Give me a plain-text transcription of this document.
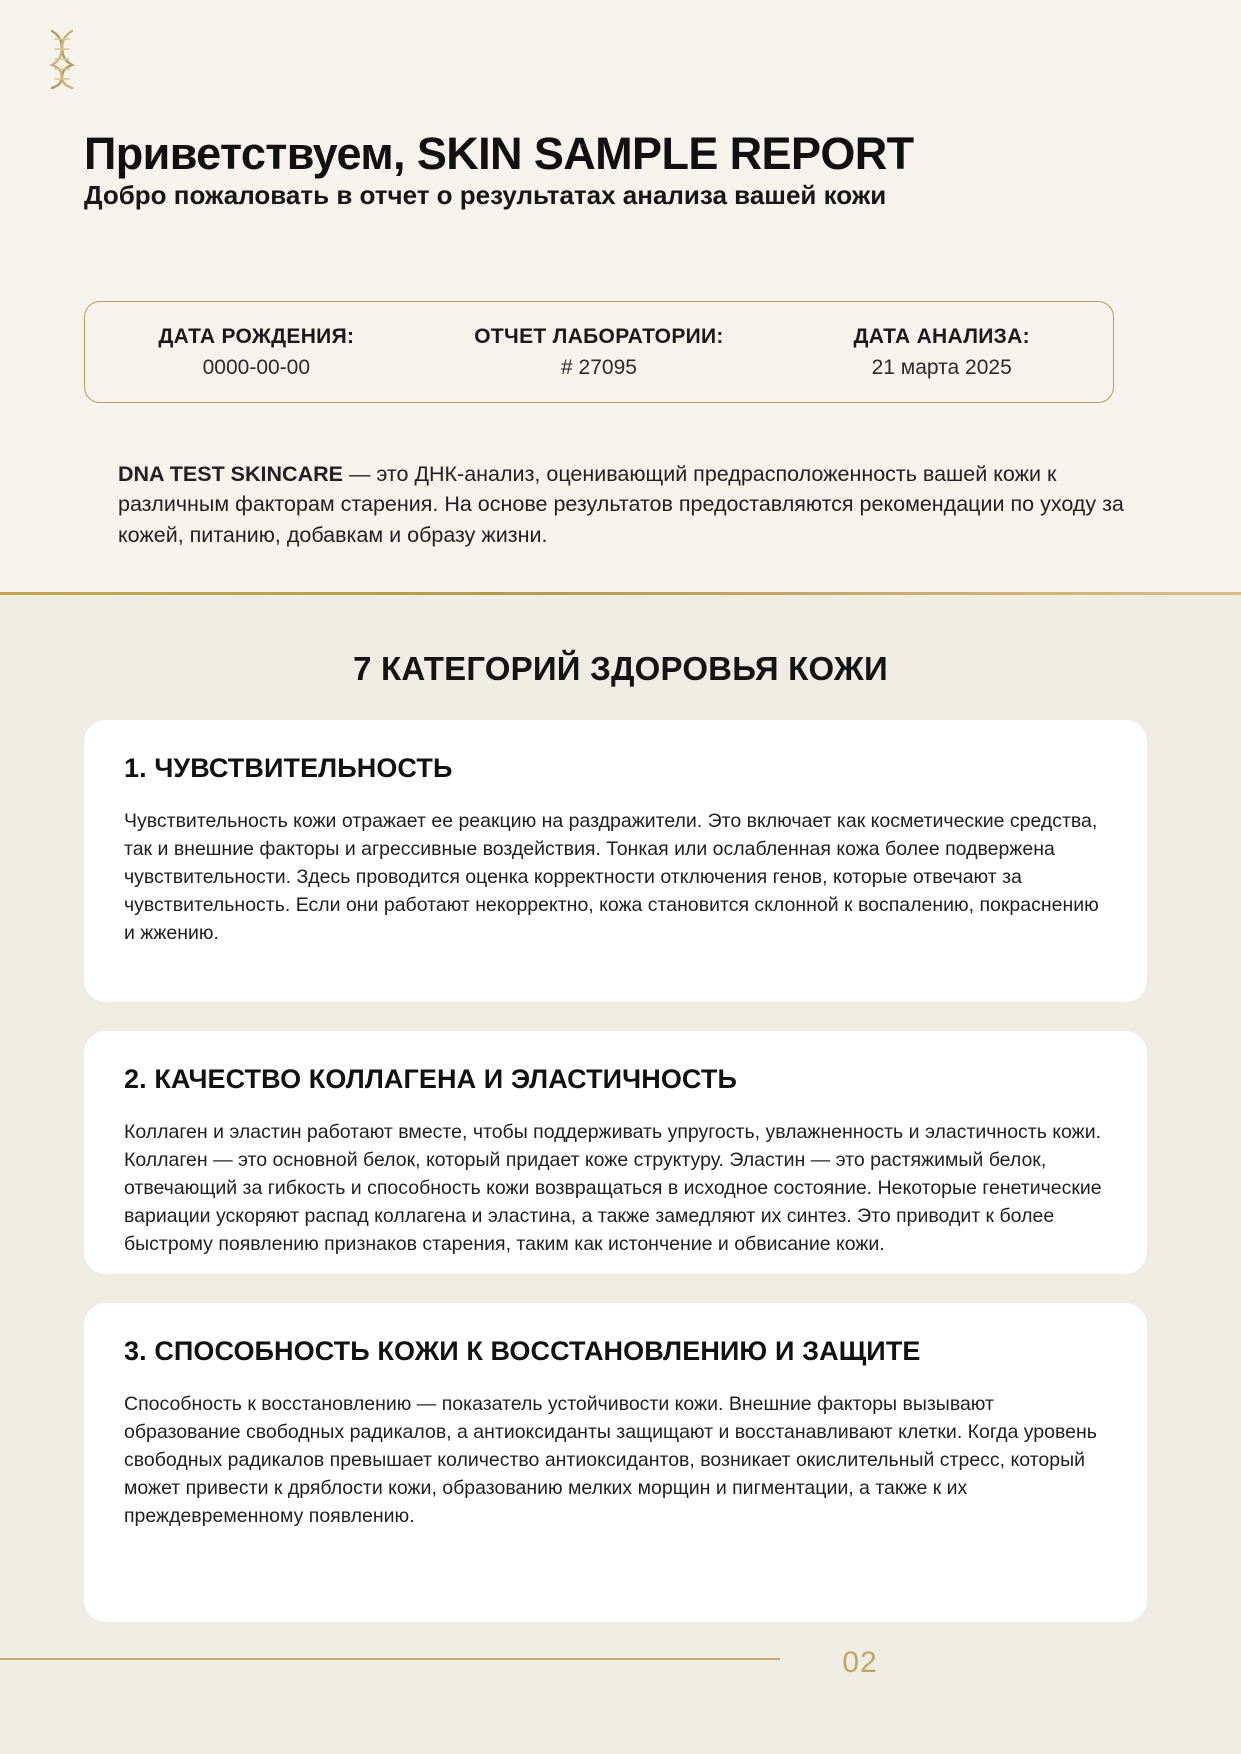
Приветствуем, SKIN SAMPLE REPORT
Добро пожаловать в отчет о результатах анализа вашей кожи
ДАТА РОЖДЕНИЯ:
0000-00-00
ОТЧЕТ ЛАБОРАТОРИИ:
# 27095
ДАТА АНАЛИЗА:
21 марта 2025

DNA TEST SKINCARE — это ДНК-анализ, оценивающий предрасположенность вашей кожи к различным факторам старения. На основе результатов предоставляются рекомендации по уходу за кожей, питанию, добавкам и образу жизни.

7 КАТЕГОРИЙ ЗДОРОВЬЯ КОЖИ
1. ЧУВСТВИТЕЛЬНОСТЬ

Чувствительность кожи отражает ее реакцию на раздражители. Это включает как косметические средства, так и внешние факторы и агрессивные воздействия. Тонкая или ослабленная кожа более подвержена чувствительности. Здесь проводится оценка корректности отключения генов, которые отвечают за чувствительность. Если они работают некорректно, кожа становится склонной к воспалению, покраснению и жжению.

2. КАЧЕСТВО КОЛЛАГЕНА И ЭЛАСТИЧНОСТЬ

Коллаген и эластин работают вместе, чтобы поддерживать упругость, увлажненность и эластичность кожи. Коллаген — это основной белок, который придает коже структуру. Эластин — это растяжимый белок, отвечающий за гибкость и способность кожи возвращаться в исходное состояние. Некоторые генетические вариации ускоряют распад коллагена и эластина, а также замедляют их синтез. Это приводит к более быстрому появлению признаков старения, таким как истончение и обвисание кожи.

3. СПОСОБНОСТЬ КОЖИ К ВОССТАНОВЛЕНИЮ И ЗАЩИТЕ

Способность к восстановлению — показатель устойчивости кожи. Внешние факторы вызывают образование свободных радикалов, а антиоксиданты защищают и восстанавливают клетки. Когда уровень свободных радикалов превышает количество антиоксидантов, возникает окислительный стресс, который может привести к дряблости кожи, образованию мелких морщин и пигментации, а также к их преждевременному появлению.

02
